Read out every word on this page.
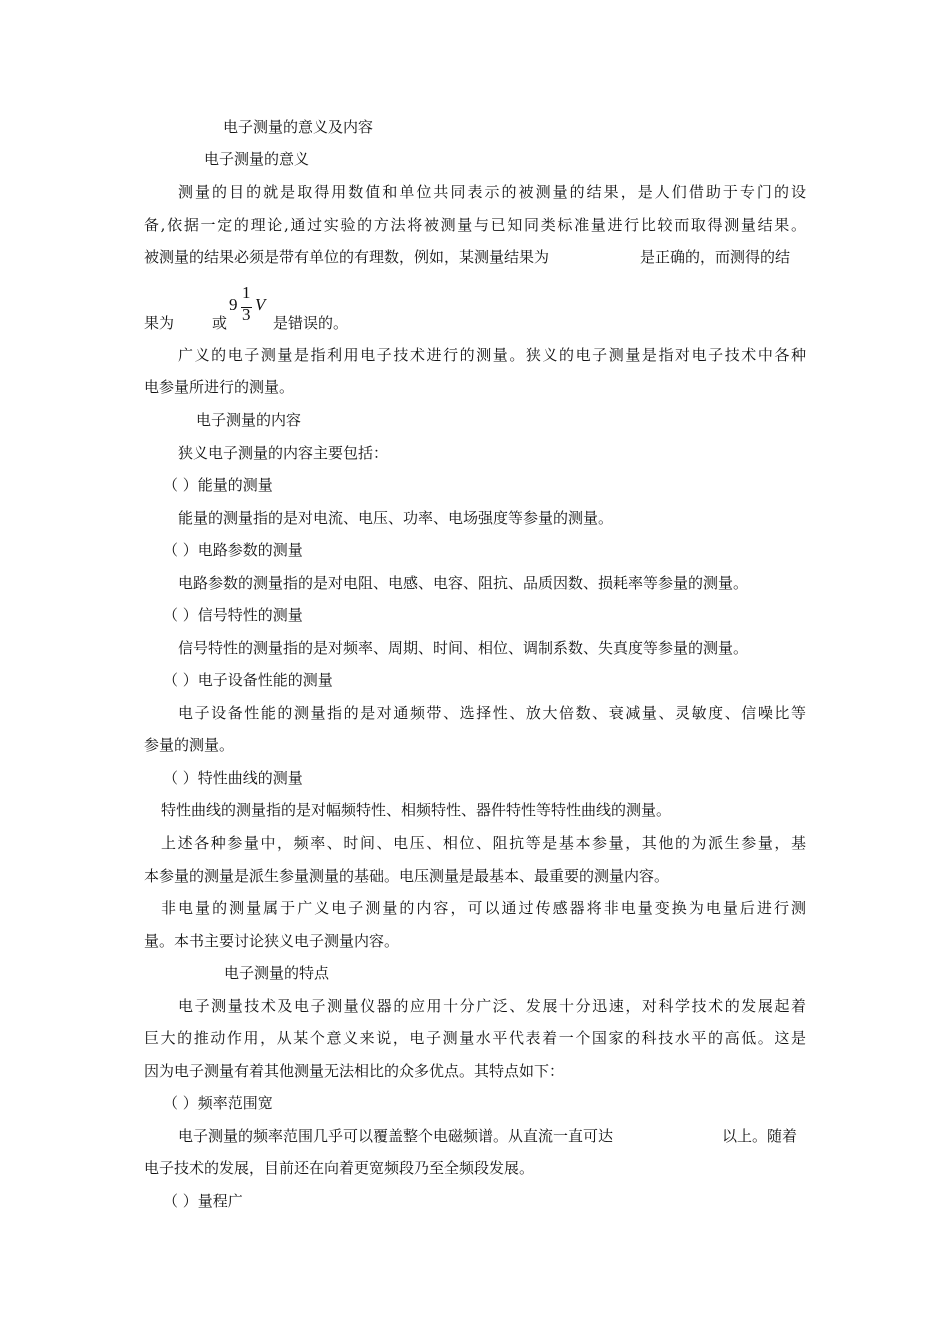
电子测量的意义及内容
电子测量的意义
测量的目的就是取得用数值和单位共同表示的被测量的结果，是人们借助于专门的设
备,依据一定的理论,通过实验的方法将被测量与已知同类标准量进行比较而取得测量结果。
被测量的结果必须是带有单位的有理数，例如，某测量结果为	是正确的，而测得的结
果为	或
9
1
3
V
是错误的。
广义的电子测量是指利用电子技术进行的测量。狭义的电子测量是指对电子技术中各种
电参量所进行的测量。
电子测量的内容
狭义电子测量的内容主要包括：
（ ）能量的测量
能量的测量指的是对电流、电压、功率、电场强度等参量的测量。
（ ）电路参数的测量
电路参数的测量指的是对电阻、电感、电容、阻抗、品质因数、损耗率等参量的测量。
（ ）信号特性的测量
信号特性的测量指的是对频率、周期、时间、相位、调制系数、失真度等参量的测量。
（ ）电子设备性能的测量
电子设备性能的测量指的是对通频带、选择性、放大倍数、衰减量、灵敏度、信噪比等
参量的测量。
（ ）特性曲线的测量
特性曲线的测量指的是对幅频特性、相频特性、器件特性等特性曲线的测量。
上述各种参量中，频率、时间、电压、相位、阻抗等是基本参量，其他的为派生参量，基
本参量的测量是派生参量测量的基础。电压测量是最基本、最重要的测量内容。
非电量的测量属于广义电子测量的内容，可以通过传感器将非电量变换为电量后进行测
量。本书主要讨论狭义电子测量内容。
电子测量的特点
电子测量技术及电子测量仪器的应用十分广泛、发展十分迅速，对科学技术的发展起着
巨大的推动作用，从某个意义来说，电子测量水平代表着一个国家的科技水平的高低。这是
因为电子测量有着其他测量无法相比的众多优点。其特点如下：
（ ）频率范围宽
电子测量的频率范围几乎可以覆盖整个电磁频谱。从直流一直可达	以上。随着
电子技术的发展，目前还在向着更宽频段乃至全频段发展。
（ ）量程广
